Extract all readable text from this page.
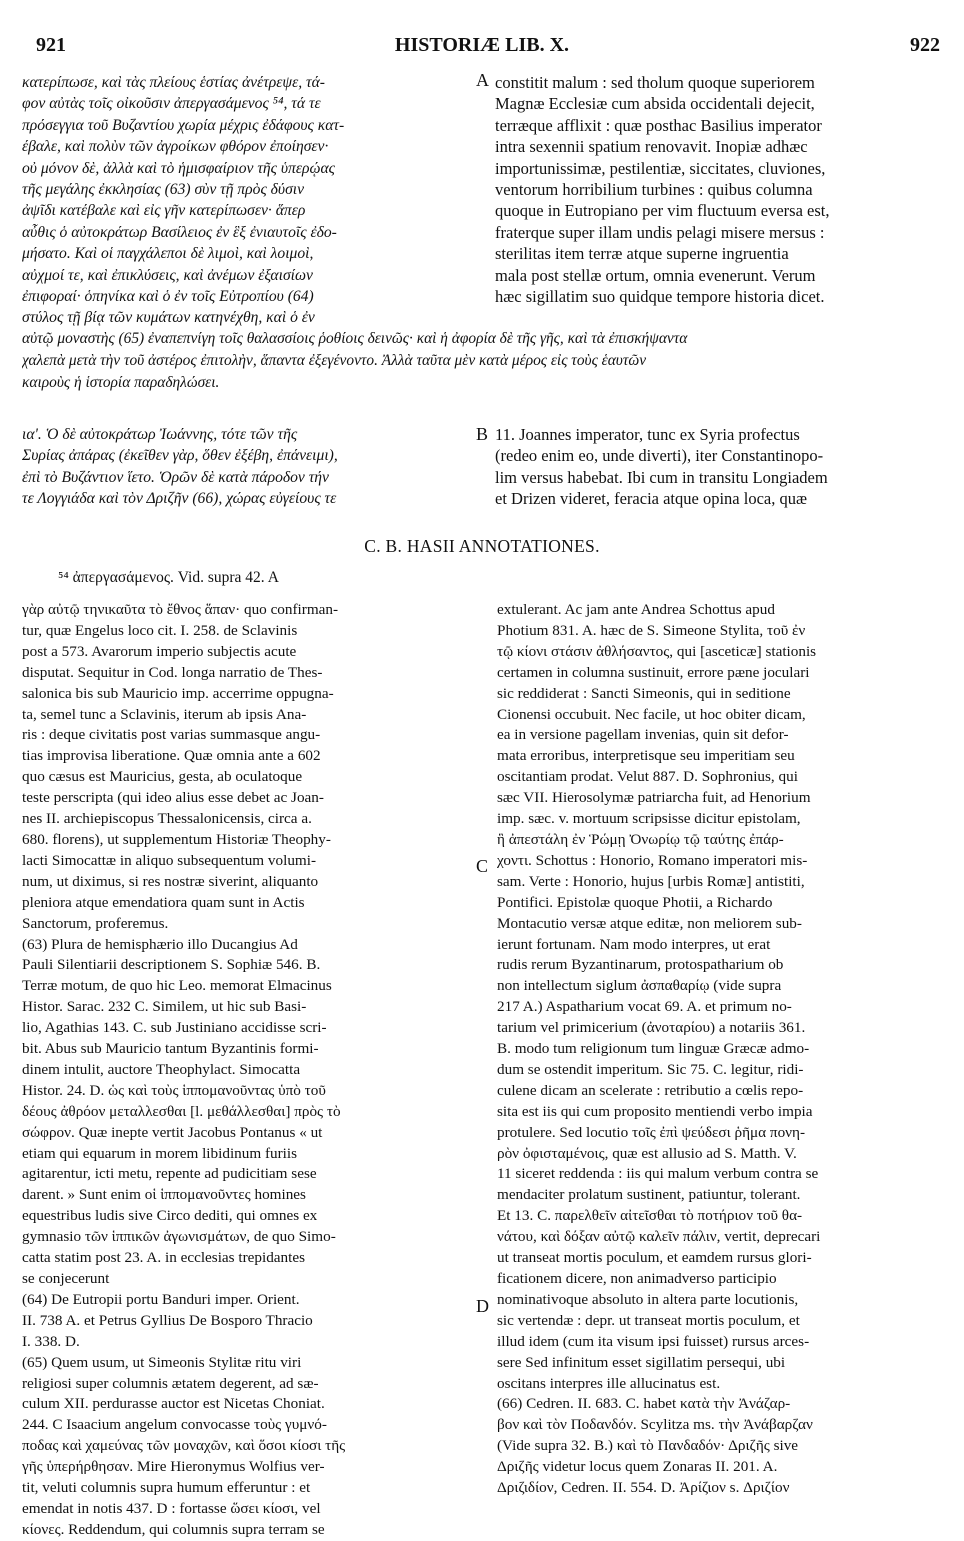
921	HISTORIÆ LIB. X.	922
κατερίπωσε, καὶ τὰς πλείους ἑστίας ἀνέτρεψε, τά-
φον αὐτὰς τοῖς οἰκοῦσιν ἀπεργασάμενος ⁵⁴, τά τε
πρόσεγγια τοῦ Βυζαντίου χωρία μέχρις ἐδάφους κατ-
έβαλε, καὶ πολὺν τῶν ἀγροίκων φθόρον ἐποίησεν·
οὐ μόνον δὲ, ἀλλὰ καὶ τὸ ἡμισφαίριον τῆς ὑπερῴας
τῆς μεγάλης ἐκκλησίας (63) σὺν τῇ πρὸς δύσιν
ἀψῖδι κατέβαλε καὶ εἰς γῆν κατερίπωσεν· ἅπερ
αὖθις ὁ αὐτοκράτωρ Βασίλειος ἐν ἓξ ἐνιαυτοῖς ἐδο-
μήσατο. Καὶ οἱ παγχάλεποι δὲ λιμοὶ, καὶ λοιμοὶ,
αὐχμοί τε, καὶ ἐπικλύσεις, καὶ ἀνέμων ἐξαισίων
ἐπιφοραί· ὁπηνίκα καὶ ὁ ἐν τοῖς Εὐτροπίου (64)
στύλος τῇ βίᾳ τῶν κυμάτων κατηνέχθη, καὶ ὁ ἐν
constitit malum : sed tholum quoque superiorem
Magnæ Ecclesiæ cum absida occidentali dejecit,
terræque afflixit : quæ posthac Basilius imperator
intra sexennii spatium renovavit. Inopiæ adhæc
importunissimæ, pestilentiæ, siccitates, cluviones,
ventorum horribilium turbines : quibus columna
quoque in Eutropiano per vim fluctuum eversa est,
fraterque super illam undis pelagi misere mersus :
sterilitas item terræ atque superne ingruentia
mala post stellæ ortum, omnia evenerunt. Verum
hæc sigillatim suo quidque tempore historia dicet.
αὐτῷ μοναστὴς (65) ἐναπεπνίγη τοῖς θαλασσίοις ῥοθίοις δεινῶς· καὶ ἡ ἀφορία δὲ τῆς γῆς, καὶ τὰ ἐπισκήψαντα
χαλεπὰ μετὰ τὴν τοῦ ἀστέρος ἐπιτολὴν, ἅπαντα ἐξεγένοντο. Ἀλλὰ ταῦτα μὲν κατὰ μέρος εἰς τοὺς ἑαυτῶν
καιροὺς ἡ ἱστορία παραδηλώσει.
ια'. Ὁ δὲ αὐτοκράτωρ Ἰωάννης, τότε τῶν τῆς
Συρίας ἀπάρας (ἐκεῖθεν γὰρ, ὅθεν ἐξέβη, ἐπάνειμι),
ἐπὶ τὸ Βυζάντιον ἵετο. Ὁρῶν δὲ κατὰ πάροδον τήν
τε Λογγιάδα καὶ τὸν Δριζῆν (66), χώρας εὐγείους τε
11. Joannes imperator, tunc ex Syria profectus
(redeo enim eo, unde diverti), iter Constantinopo-
lim versus habebat. Ibi cum in transitu Longiadem
et Drizen videret, feracia atque opina loca, quæ
A
B
C
D
C. B. HASII ANNOTATIONES.
⁵⁴ ἀπεργασάμενος. Vid. supra 42. A
γὰρ αὐτῷ τηνικαῦτα τὸ ἔθνος ἅπαν· quo confirman-
tur, quæ Engelus loco cit. I. 258. de Sclavinis
post a 573. Avarorum imperio subjectis acute
disputat. Sequitur in Cod. longa narratio de Thes-
salonica bis sub Mauricio imp. accerrime oppugna-
ta, semel tunc a Sclavinis, iterum ab ipsis Ana-
ris : deque civitatis post varias summasque angu-
tias improvisa liberatione. Quæ omnia ante a 602
quo cæsus est Mauricius, gesta, ab oculatoque
teste perscripta (qui ideo alius esse debet ac Joan-
nes II. archiepiscopus Thessalonicensis, circa a.
680. florens), ut supplementum Historiæ Theophy-
lacti Simocattæ in aliquo subsequentum volumi-
num, ut diximus, si res nostræ siverint, aliquanto
pleniora atque emendatiora quam sunt in Actis
Sanctorum, proferemus.
(63) Plura de hemisphærio illo Ducangius Ad
Pauli Silentiarii descriptionem S. Sophiæ 546. B.
Terræ motum, de quo hic Leo. memorat Elmacinus
Histor. Sarac. 232 C. Similem, ut hic sub Basi-
lio, Agathias 143. C. sub Justiniano accidisse scri-
bit. Abus sub Mauricio tantum Byzantinis formi-
dinem intulit, auctore Theophylact. Simocatta
Histor. 24. D. ὡς καὶ τοὺς ἱππομανοῦντας ὑπὸ τοῦ
δέους ἀθρόον μεταλλεσθαι [l. μεθάλλεσθαι] πρὸς τὸ
σώφρον. Quæ inepte vertit Jacobus Pontanus « ut
etiam qui equarum in morem libidinum furiis
agitarentur, icti metu, repente ad pudicitiam sese
darent. » Sunt enim οἱ ἱππομανοῦντες homines
equestribus ludis sive Circo dediti, qui omnes ex
gymnasio τῶν ἱππικῶν ἀγωνισμάτων, de quo Simo-
catta statim post 23. A. in ecclesias trepidantes
se conjecerunt
(64) De Eutropii portu Banduri imper. Orient.
II. 738 A. et Petrus Gyllius De Bosporo Thracio
I. 338. D.
(65) Quem usum, ut Simeonis Stylitæ ritu viri
religiosi super columnis ætatem degerent, ad sæ-
culum XII. perdurasse auctor est Nicetas Choniat.
244. C Isaacium angelum convocasse τοὺς γυμνό-
ποδας καὶ χαμεύνας τῶν μοναχῶν, καὶ ὅσοι κίοσι τῆς
γῆς ὑπερήρθησαν. Mire Hieronymus Wolfius ver-
tit, veluti columnis supra humum efferuntur : et
emendat in notis 437. D : fortasse ὥσει κίοσι, vel
κίονες. Reddendum, qui columnis supra terram se
extulerant. Ac jam ante Andrea Schottus apud
Photium 831. A. hæc de S. Simeone Stylita, τοῦ ἐν
τῷ κίονι στάσιν ἀθλήσαντος, qui [asceticæ] stationis
certamen in columna sustinuit, errore pæne joculari
sic reddiderat : Sancti Simeonis, qui in seditione
Cionensi occubuit. Nec facile, ut hoc obiter dicam,
ea in versione pagellam invenias, quin sit defor-
mata erroribus, interpretisque seu imperitiam seu
oscitantiam prodat. Velut 887. D. Sophronius, qui
sæc VII. Hierosolymæ patriarcha fuit, ad Henorium
imp. sæc. v. mortuum scripsisse dicitur epistolam,
ἣ ἀπεστάλη ἐν Ῥώμῃ Ὀνωρίῳ τῷ ταύτης ἐπάρ-
χοντι. Schottus : Honorio, Romano imperatori mis-
sam. Verte : Honorio, hujus [urbis Romæ] antistiti,
Pontifici. Epistolæ quoque Photii, a Richardo
Montacutio versæ atque editæ, non meliorem sub-
ierunt fortunam. Nam modo interpres, ut erat
rudis rerum Byzantinarum, protospatharium ob
non intellectum siglum ἀσπαθαρίῳ (vide supra
217 A.) Aspatharium vocat 69. A. et primum no-
tarium vel primicerium (ἀνοταρίου) a notariis 361.
B. modo tum religionum tum linguæ Græcæ admo-
dum se ostendit imperitum. Sic 75. C. legitur, ridi-
culene dicam an scelerate : retributio a cœlis repo-
sita est iis qui cum proposito mentiendi verbo impia
protulere. Sed locutio τοῖς ἐπὶ ψεύδεσι ῥῆμα πονη-
ρὸν ὀφισταμένοις, quæ est allusio ad S. Matth. V.
11 siceret reddenda : iis qui malum verbum contra se
mendaciter prolatum sustinent, patiuntur, tolerant.
Et 13. C. παρελθεῖν αἰτεῖσθαι τὸ ποτήριον τοῦ θα-
νάτου, καὶ δόξαν αὐτῷ καλεῖν πάλιν, vertit, deprecari
ut transeat mortis poculum, et eamdem rursus glori-
ficationem dicere, non animadverso participio
nominativoque absoluto in altera parte locutionis,
sic vertendæ : depr. ut transeat mortis poculum, et
illud idem (cum ita visum ipsi fuisset) rursus arces-
sere Sed infinitum esset sigillatim persequi, ubi
oscitans interpres ille allucinatus est.
(66) Cedren. II. 683. C. habet κατὰ τὴν Ἀνάζαρ-
βον καὶ τὸν Ποδανδόν. Scylitza ms. τὴν Ἀνάβαρζαν
(Vide supra 32. B.) καὶ τὸ Πανδαδόν· Δριζῆς sive
Δριζῆς videtur locus quem Zonaras II. 201. A.
Δριζιδίον, Cedren. II. 554. D. Ἀρίζιον s. Δριζίον
